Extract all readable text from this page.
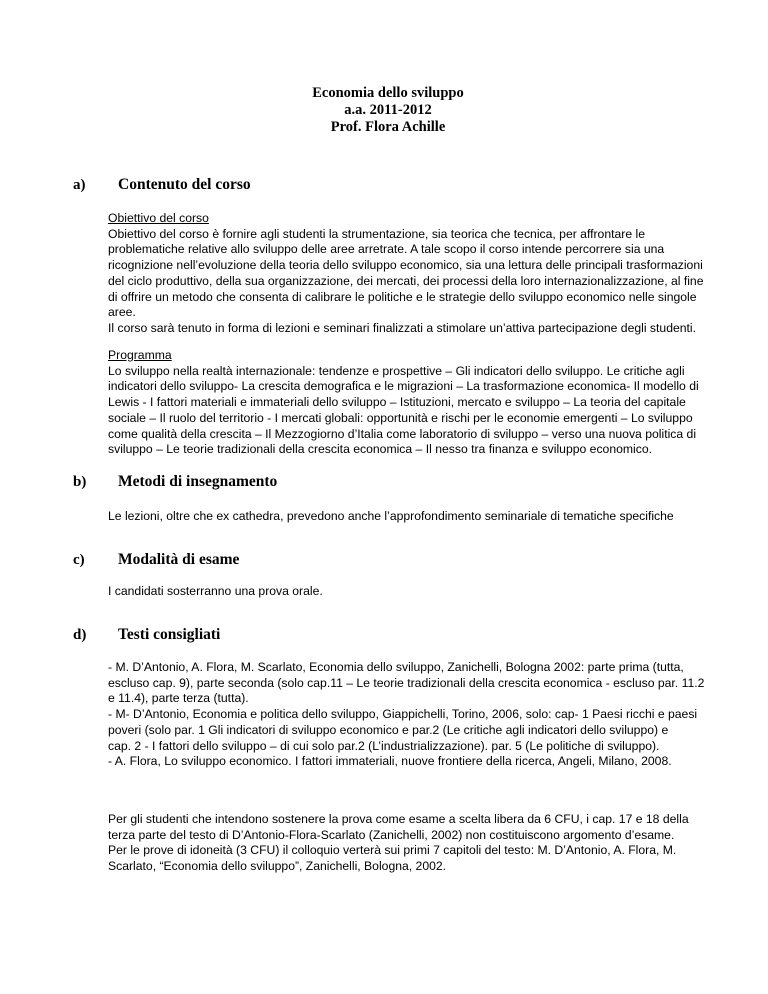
Economia dello sviluppo
a.a. 2011-2012
Prof. Flora Achille
a) Contenuto del corso

Obiettivo del corso

Obiettivo del corso è fornire agli studenti la strumentazione, sia teorica che tecnica, per affrontare le problematiche relative allo sviluppo delle aree arretrate. A tale scopo il corso intende percorrere sia una ricognizione nell’evoluzione della teoria dello sviluppo economico, sia una lettura delle principali trasformazioni del ciclo produttivo, della sua organizzazione, dei mercati, dei processi della loro internazionalizzazione, al fine di offrire un metodo che consenta di calibrare le politiche e le strategie dello sviluppo economico nelle singole aree.

Il corso sarà tenuto in forma di lezioni e seminari finalizzati a stimolare un’attiva partecipazione degli studenti.

Programma

Lo sviluppo nella realtà internazionale: tendenze e prospettive – Gli indicatori dello sviluppo. Le critiche agli indicatori dello sviluppo- La crescita demografica e le migrazioni – La trasformazione economica- Il modello di Lewis - I fattori materiali e immateriali dello sviluppo – Istituzioni, mercato e sviluppo – La teoria del capitale sociale – Il ruolo del territorio - I mercati globali: opportunità e rischi per le economie emergenti – Lo sviluppo come qualità della crescita – Il Mezzogiorno d’Italia come laboratorio di sviluppo – verso una nuova politica di sviluppo – Le teorie tradizionali della crescita economica – Il nesso tra finanza e sviluppo economico.

b) Metodi di insegnamento

Le lezioni, oltre che ex cathedra, prevedono anche l’approfondimento seminariale di tematiche specifiche

c) Modalità di esame

I candidati sosterranno una prova orale.

d) Testi consigliati

- M. D’Antonio, A. Flora, M. Scarlato, Economia dello sviluppo, Zanichelli, Bologna 2002: parte prima (tutta, escluso cap. 9), parte seconda (solo cap.11 – Le teorie tradizionali della crescita economica - escluso par. 11.2 e 11.4), parte terza (tutta).

- M- D’Antonio, Economia e politica dello sviluppo, Giappichelli, Torino, 2006, solo: cap- 1 Paesi ricchi e paesi poveri (solo par. 1 Gli indicatori di sviluppo economico e par.2 (Le critiche agli indicatori dello sviluppo) e

cap. 2 - I fattori dello sviluppo – di cui solo par.2 (L’industrializzazione). par. 5 (Le politiche di sviluppo).

- A. Flora, Lo sviluppo economico. I fattori immateriali, nuove frontiere della ricerca, Angeli, Milano, 2008.

Per gli studenti che intendono sostenere la prova come esame a scelta libera da 6 CFU, i cap. 17 e 18 della terza parte del testo di D’Antonio-Flora-Scarlato (Zanichelli, 2002) non costituiscono argomento d’esame.

Per le prove di idoneità (3 CFU) il colloquio verterà sui primi 7 capitoli del testo: M. D’Antonio, A. Flora, M. Scarlato, “Economia dello sviluppo”, Zanichelli, Bologna, 2002.
